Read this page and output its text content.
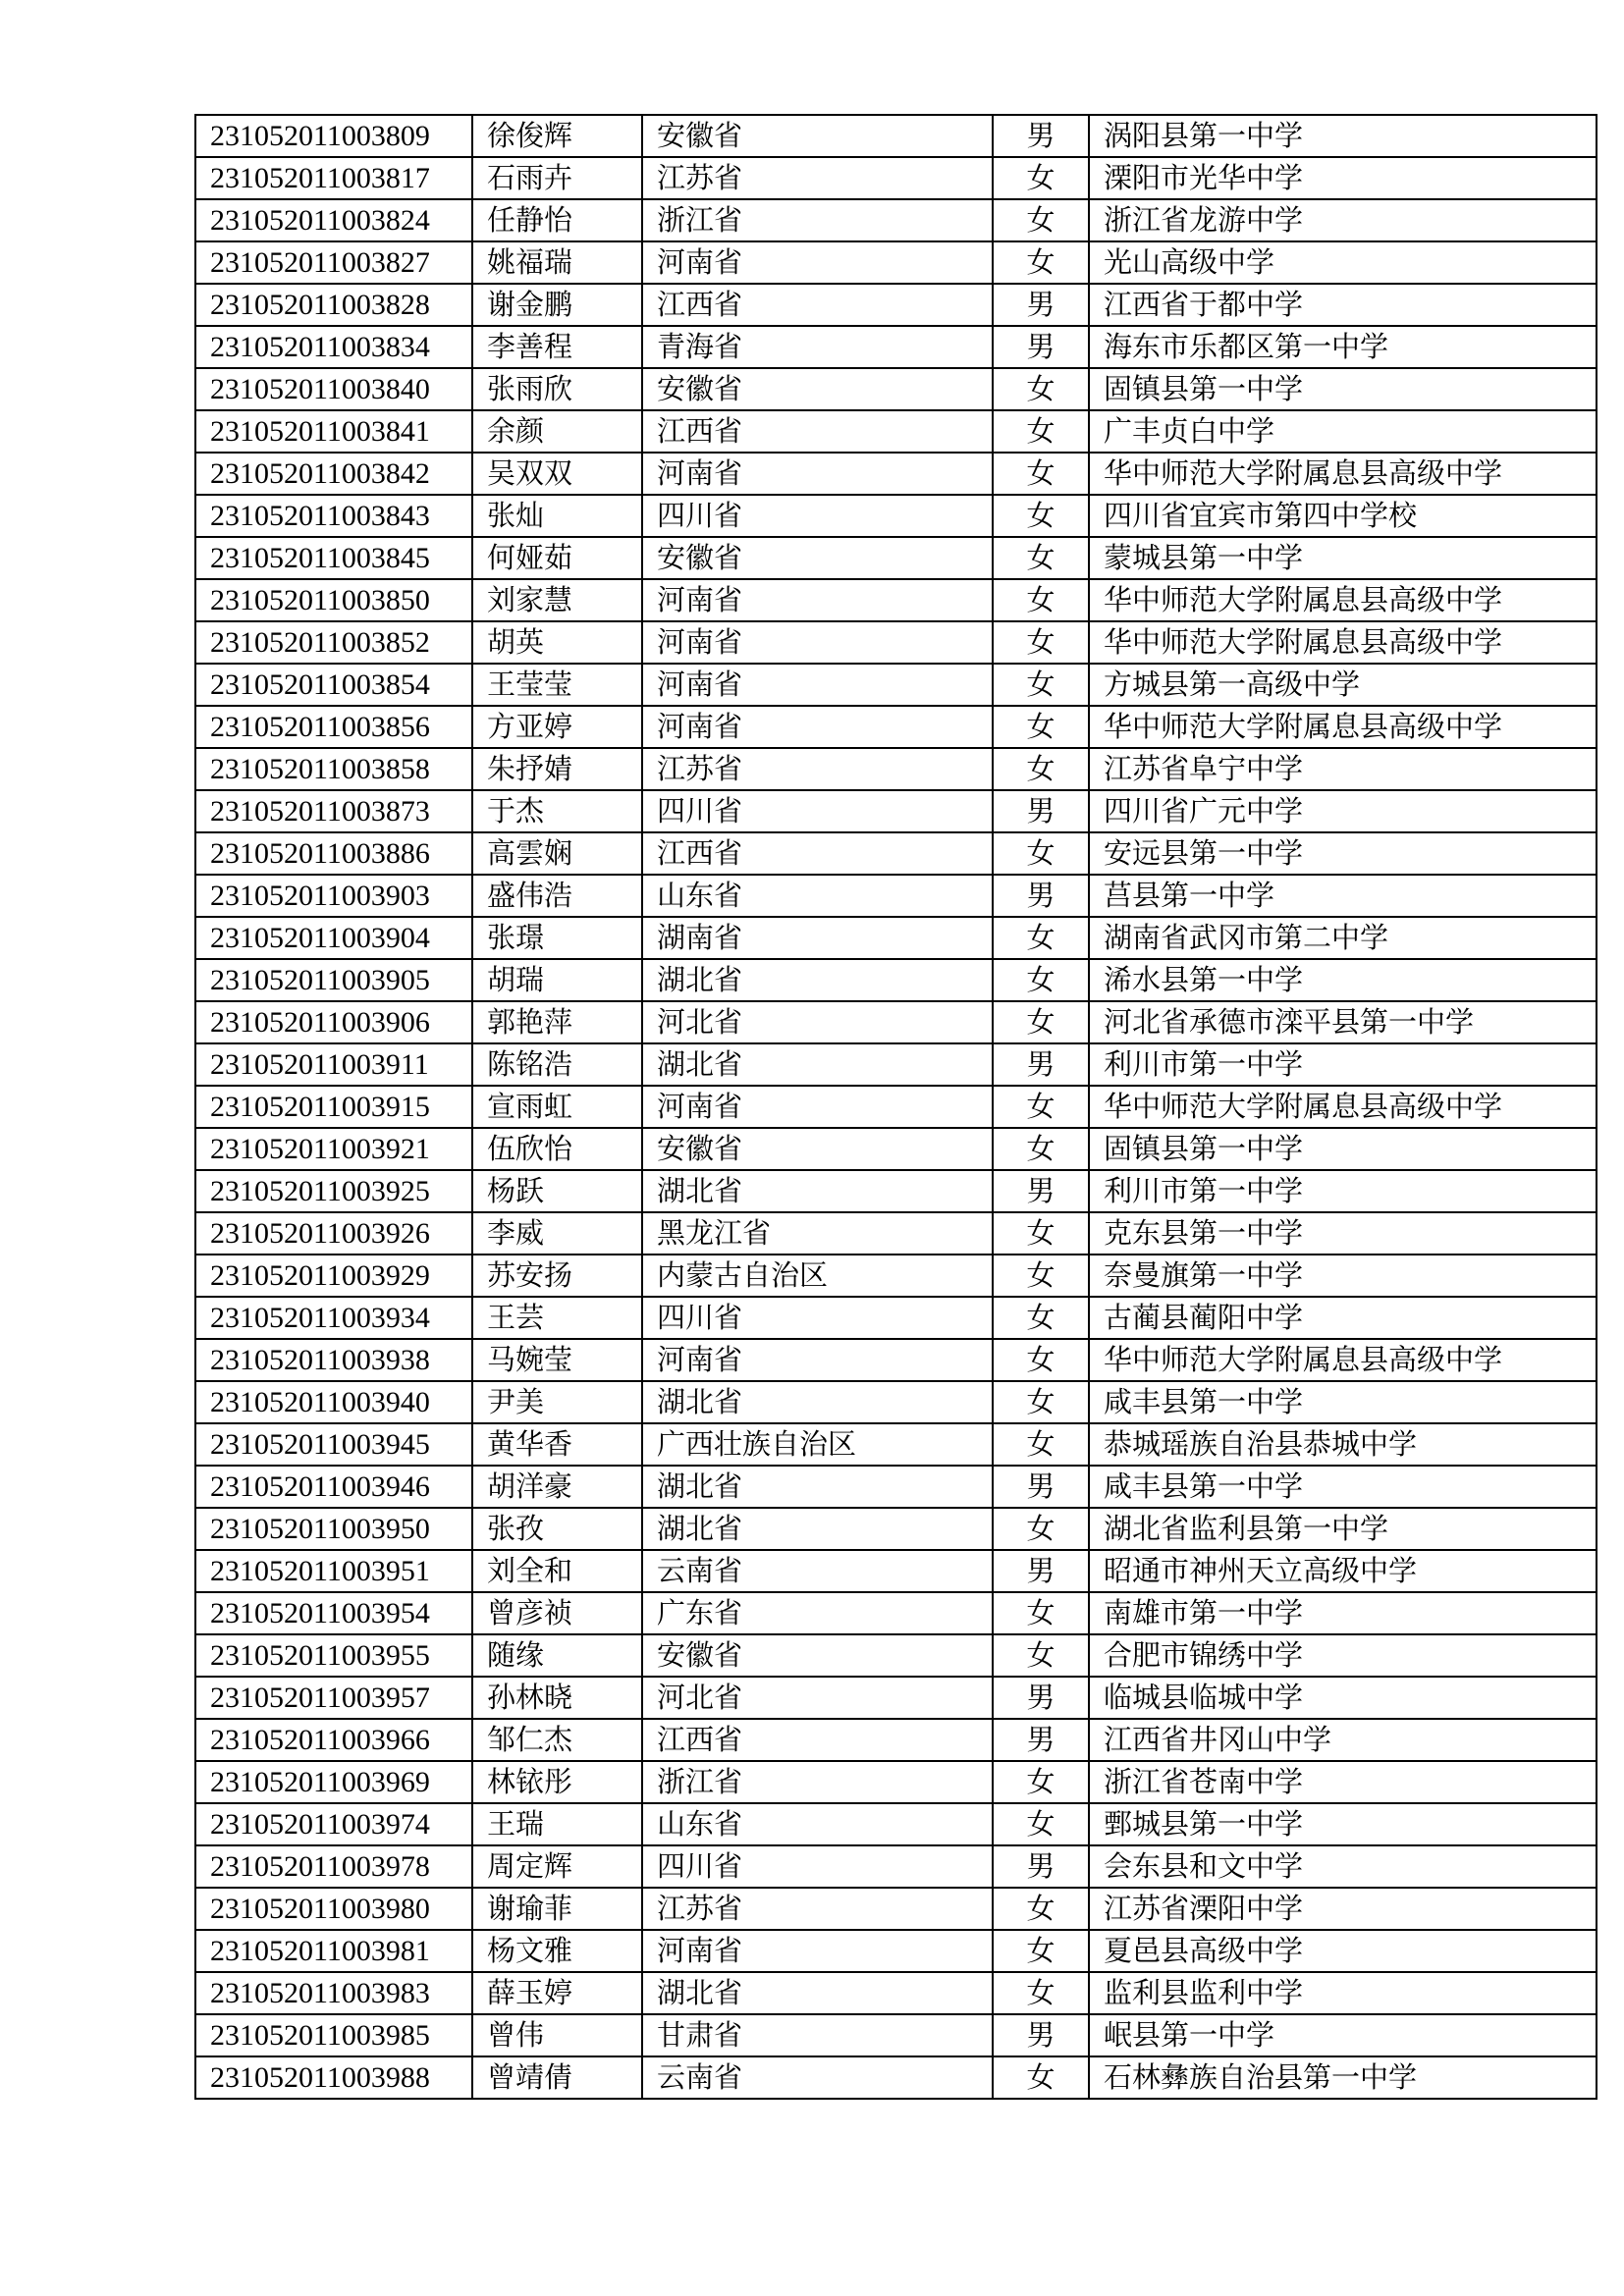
231052011003809	徐俊辉	安徽省	男	涡阳县第一中学
231052011003817	石雨卉	江苏省	女	溧阳市光华中学
231052011003824	任静怡	浙江省	女	浙江省龙游中学
231052011003827	姚福瑞	河南省	女	光山高级中学
231052011003828	谢金鹏	江西省	男	江西省于都中学
231052011003834	李善程	青海省	男	海东市乐都区第一中学
231052011003840	张雨欣	安徽省	女	固镇县第一中学
231052011003841	余颜	江西省	女	广丰贞白中学
231052011003842	吴双双	河南省	女	华中师范大学附属息县高级中学
231052011003843	张灿	四川省	女	四川省宜宾市第四中学校
231052011003845	何娅茹	安徽省	女	蒙城县第一中学
231052011003850	刘家慧	河南省	女	华中师范大学附属息县高级中学
231052011003852	胡英	河南省	女	华中师范大学附属息县高级中学
231052011003854	王莹莹	河南省	女	方城县第一高级中学
231052011003856	方亚婷	河南省	女	华中师范大学附属息县高级中学
231052011003858	朱抒婧	江苏省	女	江苏省阜宁中学
231052011003873	于杰	四川省	男	四川省广元中学
231052011003886	高雲娴	江西省	女	安远县第一中学
231052011003903	盛伟浩	山东省	男	莒县第一中学
231052011003904	张璟	湖南省	女	湖南省武冈市第二中学
231052011003905	胡瑞	湖北省	女	浠水县第一中学
231052011003906	郭艳萍	河北省	女	河北省承德市滦平县第一中学
231052011003911	陈铭浩	湖北省	男	利川市第一中学
231052011003915	宣雨虹	河南省	女	华中师范大学附属息县高级中学
231052011003921	伍欣怡	安徽省	女	固镇县第一中学
231052011003925	杨跃	湖北省	男	利川市第一中学
231052011003926	李威	黑龙江省	女	克东县第一中学
231052011003929	苏安扬	内蒙古自治区	女	奈曼旗第一中学
231052011003934	王芸	四川省	女	古蔺县蔺阳中学
231052011003938	马婉莹	河南省	女	华中师范大学附属息县高级中学
231052011003940	尹美	湖北省	女	咸丰县第一中学
231052011003945	黄华香	广西壮族自治区	女	恭城瑶族自治县恭城中学
231052011003946	胡洋豪	湖北省	男	咸丰县第一中学
231052011003950	张孜	湖北省	女	湖北省监利县第一中学
231052011003951	刘全和	云南省	男	昭通市神州天立高级中学
231052011003954	曾彦祯	广东省	女	南雄市第一中学
231052011003955	随缘	安徽省	女	合肥市锦绣中学
231052011003957	孙林晓	河北省	男	临城县临城中学
231052011003966	邹仁杰	江西省	男	江西省井冈山中学
231052011003969	林铱彤	浙江省	女	浙江省苍南中学
231052011003974	王瑞	山东省	女	鄄城县第一中学
231052011003978	周定辉	四川省	男	会东县和文中学
231052011003980	谢瑜菲	江苏省	女	江苏省溧阳中学
231052011003981	杨文雅	河南省	女	夏邑县高级中学
231052011003983	薛玉婷	湖北省	女	监利县监利中学
231052011003985	曾伟	甘肃省	男	岷县第一中学
231052011003988	曾靖倩	云南省	女	石林彝族自治县第一中学
